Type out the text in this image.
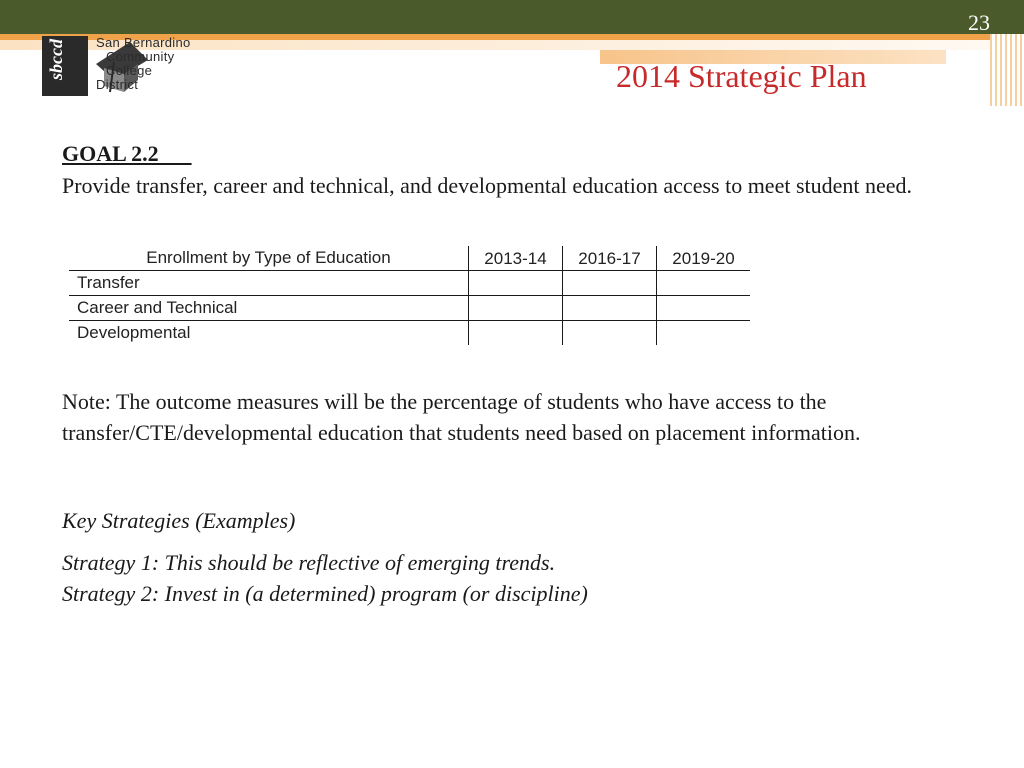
23
sbccd San Bernardino
Community
College
District	2014 Strategic Plan
GOAL 2.2
Provide transfer, career and technical, and developmental education access to meet student need.
Enrollment by Type of Education	2013-14	2016-17	2019-20
Transfer
Career and Technical
Developmental
Note: The outcome measures will be the percentage of students who have access to the transfer/CTE/developmental education that students need based on placement information.
Key Strategies (Examples)
Strategy 1: This should be reflective of emerging trends.
Strategy 2: Invest in (a determined) program (or discipline)
